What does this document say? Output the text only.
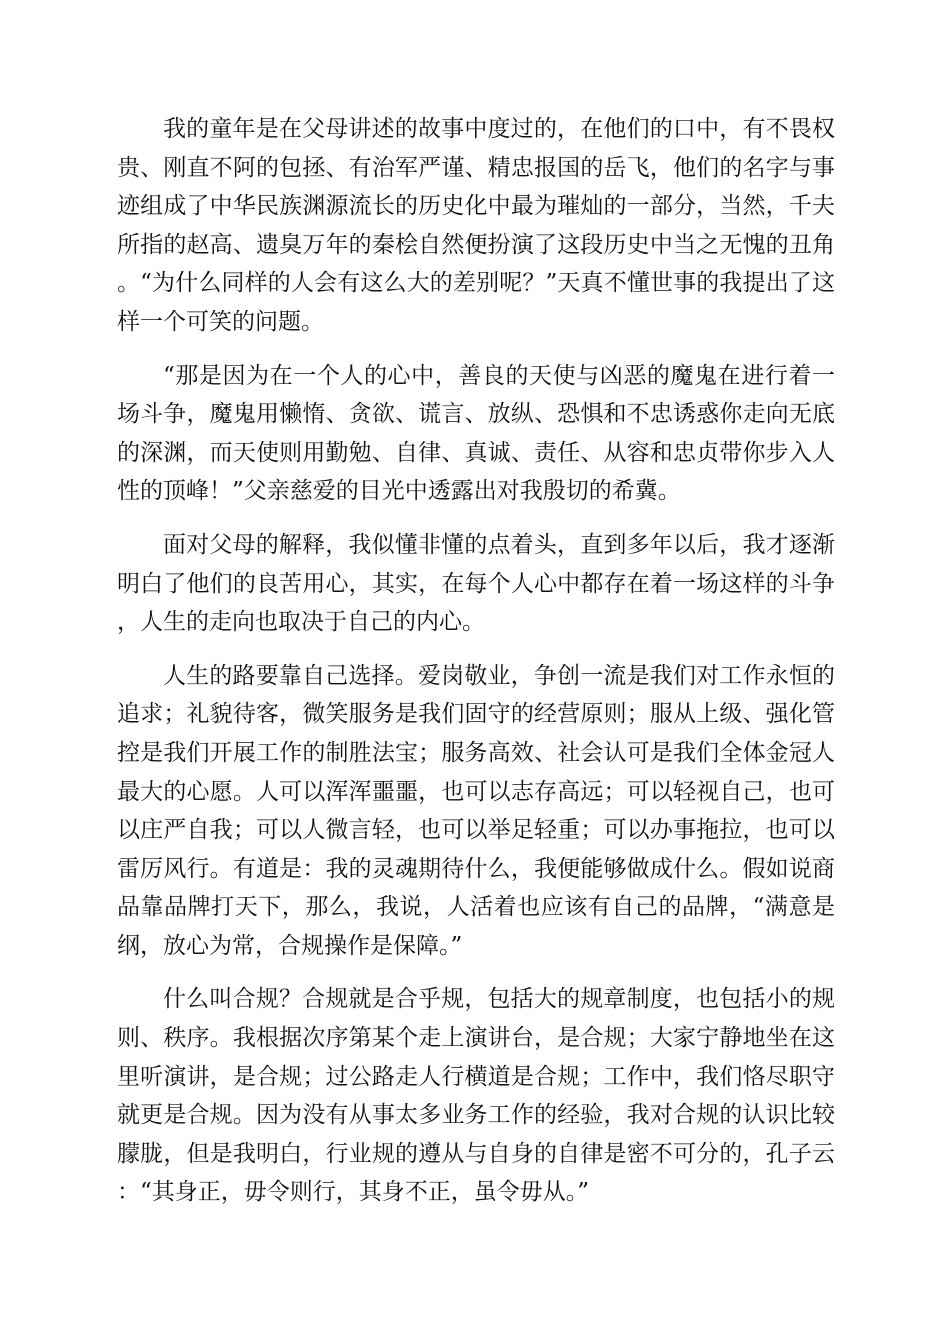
我的童年是在父母讲述的故事中度过的，在他们的口中，有不畏权贵、刚直不阿的包拯、有治军严谨、精忠报国的岳飞，他们的名字与事迹组成了中华民族渊源流长的历史化中最为璀灿的一部分，当然，千夫所指的赵高、遗臭万年的秦桧自然便扮演了这段历史中当之无愧的丑角。“为什么同样的人会有这么大的差别呢？”天真不懂世事的我提出了这样一个可笑的问题。

“那是因为在一个人的心中，善良的天使与凶恶的魔鬼在进行着一场斗争，魔鬼用懒惰、贪欲、谎言、放纵、恐惧和不忠诱惑你走向无底的深渊，而天使则用勤勉、自律、真诚、责任、从容和忠贞带你步入人性的顶峰！”父亲慈爱的目光中透露出对我殷切的希冀。

面对父母的解释，我似懂非懂的点着头，直到多年以后，我才逐渐明白了他们的良苦用心，其实，在每个人心中都存在着一场这样的斗争，人生的走向也取决于自己的内心。

人生的路要靠自己选择。爱岗敬业，争创一流是我们对工作永恒的追求；礼貌待客，微笑服务是我们固守的经营原则；服从上级、强化管控是我们开展工作的制胜法宝；服务高效、社会认可是我们全体金冠人最大的心愿。人可以浑浑噩噩，也可以志存高远；可以轻视自己，也可以庄严自我；可以人微言轻，也可以举足轻重；可以办事拖拉，也可以雷厉风行。有道是：我的灵魂期待什么，我便能够做成什么。假如说商品靠品牌打天下，那么，我说，人活着也应该有自己的品牌，“满意是纲，放心为常，合规操作是保障。”

什么叫合规？合规就是合乎规，包括大的规章制度，也包括小的规则、秩序。我根据次序第某个走上演讲台，是合规；大家宁静地坐在这里听演讲，是合规；过公路走人行横道是合规；工作中，我们恪尽职守就更是合规。因为没有从事太多业务工作的经验，我对合规的认识比较朦胧，但是我明白，行业规的遵从与自身的自律是密不可分的，孔子云：“其身正，毋令则行，其身不正，虽令毋从。”
